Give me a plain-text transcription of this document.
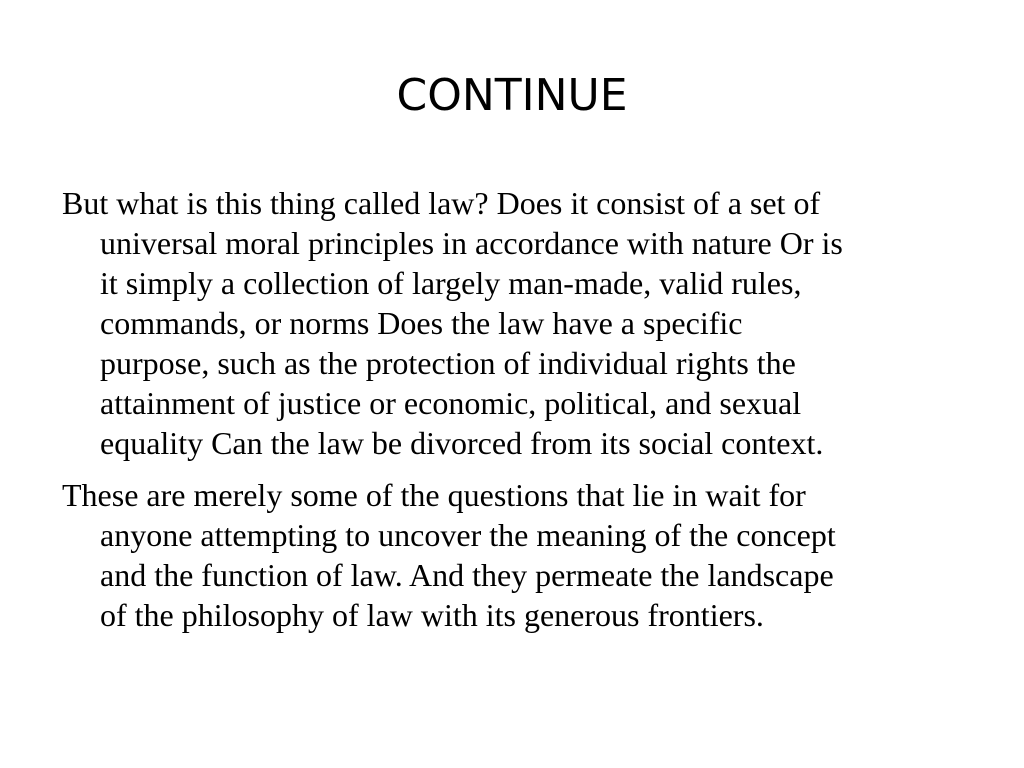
CONTINUE

But what is this thing called law? Does it consist of a set of
universal moral principles in accordance with nature Or is
it simply a collection of largely man-made, valid rules,
commands, or norms Does the law have a specific
purpose, such as the protection of individual rights the
attainment of justice or economic, political, and sexual
equality Can the law be divorced from its social context.

These are merely some of the questions that lie in wait for
anyone attempting to uncover the meaning of the concept
and the function of law. And they permeate the landscape
of the philosophy of law with its generous frontiers.
